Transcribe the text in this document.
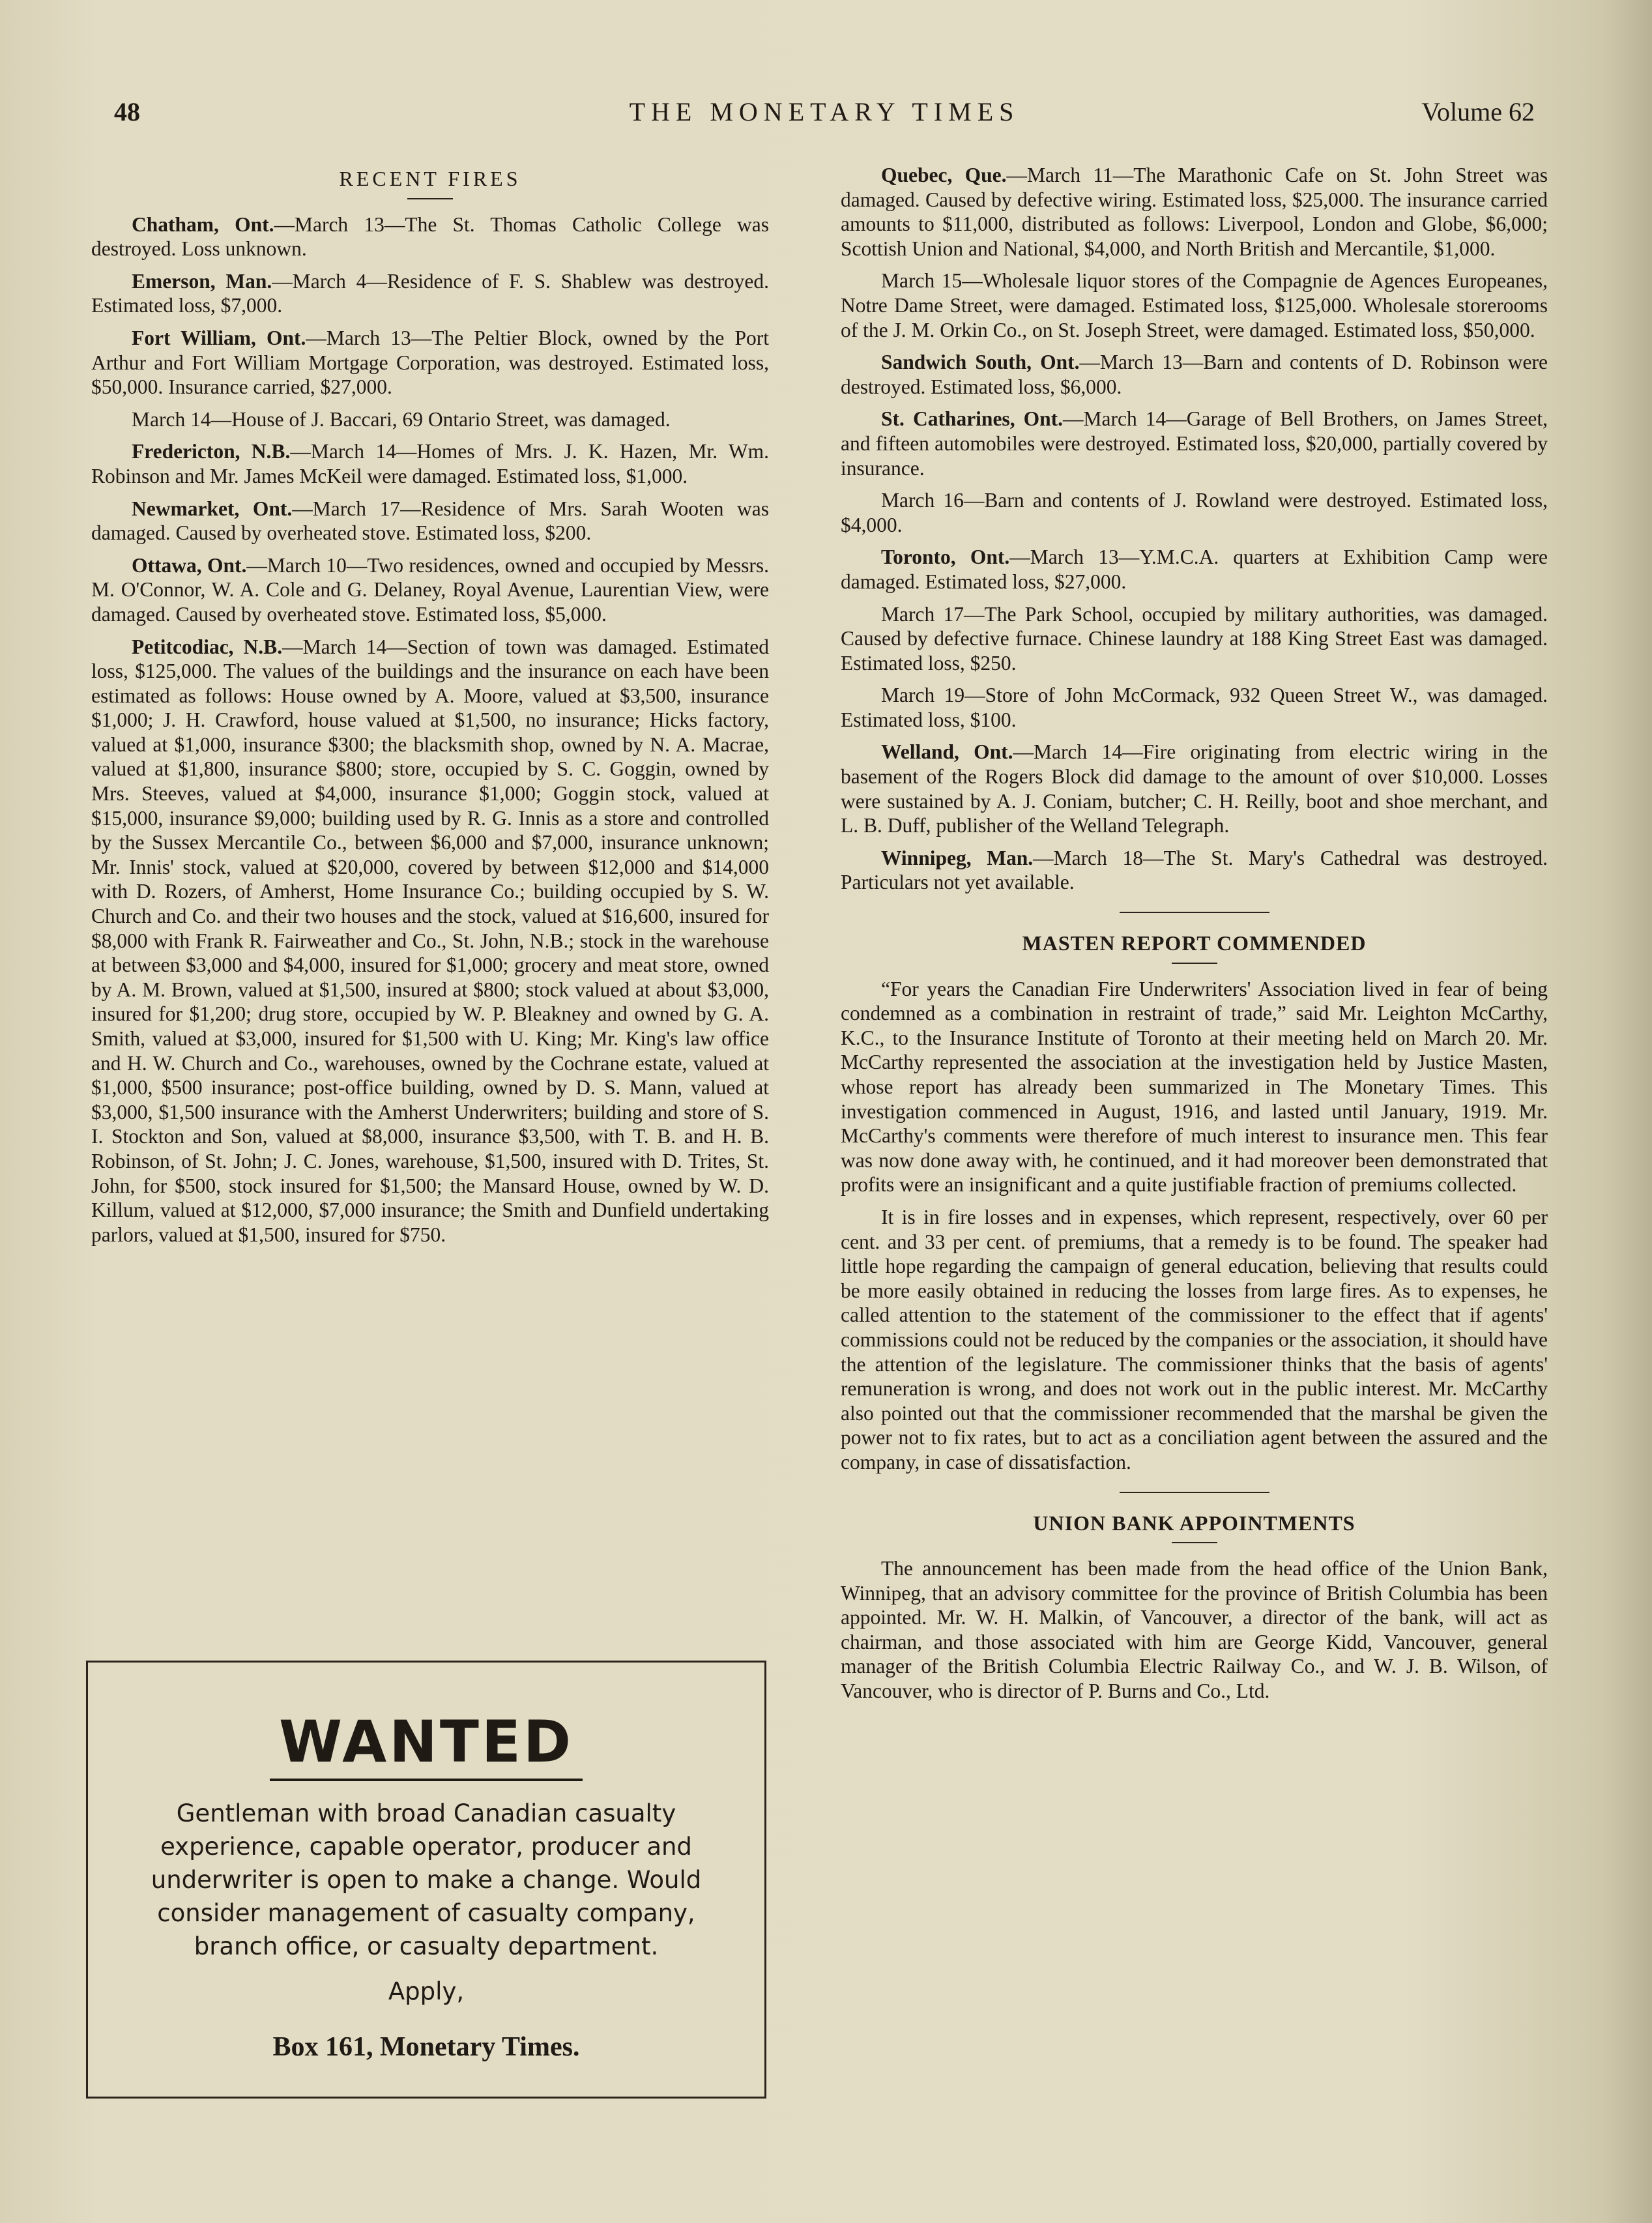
48	THE MONETARY TIMES	Volume 62
RECENT FIRES

Chatham, Ont.—March 13—The St. Thomas Catholic College was destroyed. Loss unknown.

Emerson, Man.—March 4—Residence of F. S. Shablew was destroyed. Estimated loss, $7,000.

Fort William, Ont.—March 13—The Peltier Block, owned by the Port Arthur and Fort William Mortgage Corporation, was destroyed. Estimated loss, $50,000. Insurance carried, $27,000.

March 14—House of J. Baccari, 69 Ontario Street, was damaged.

Fredericton, N.B.—March 14—Homes of Mrs. J. K. Hazen, Mr. Wm. Robinson and Mr. James McKeil were damaged. Estimated loss, $1,000.

Newmarket, Ont.—March 17—Residence of Mrs. Sarah Wooten was damaged. Caused by overheated stove. Estimated loss, $200.

Ottawa, Ont.—March 10—Two residences, owned and occupied by Messrs. M. O'Connor, W. A. Cole and G. Delaney, Royal Avenue, Laurentian View, were damaged. Caused by overheated stove. Estimated loss, $5,000.

Petitcodiac, N.B.—March 14—Section of town was damaged. Estimated loss, $125,000. The values of the buildings and the insurance on each have been estimated as follows: House owned by A. Moore, valued at $3,500, insurance $1,000; J. H. Crawford, house valued at $1,500, no insurance; Hicks factory, valued at $1,000, insurance $300; the blacksmith shop, owned by N. A. Macrae, valued at $1,800, insurance $800; store, occupied by S. C. Goggin, owned by Mrs. Steeves, valued at $4,000, insurance $1,000; Goggin stock, valued at $15,000, insurance $9,000; building used by R. G. Innis as a store and controlled by the Sussex Mercantile Co., between $6,000 and $7,000, insurance unknown; Mr. Innis' stock, valued at $20,000, covered by between $12,000 and $14,000 with D. Rozers, of Amherst, Home Insurance Co.; building occupied by S. W. Church and Co. and their two houses and the stock, valued at $16,600, insured for $8,000 with Frank R. Fairweather and Co., St. John, N.B.; stock in the warehouse at between $3,000 and $4,000, insured for $1,000; grocery and meat store, owned by A. M. Brown, valued at $1,500, insured at $800; stock valued at about $3,000, insured for $1,200; drug store, occupied by W. P. Bleakney and owned by G. A. Smith, valued at $3,000, insured for $1,500 with U. King; Mr. King's law office and H. W. Church and Co., warehouses, owned by the Cochrane estate, valued at $1,000, $500 insurance; post-office building, owned by D. S. Mann, valued at $3,000, $1,500 insurance with the Amherst Underwriters; building and store of S. I. Stockton and Son, valued at $8,000, insurance $3,500, with T. B. and H. B. Robinson, of St. John; J. C. Jones, warehouse, $1,500, insured with D. Trites, St. John, for $500, stock insured for $1,500; the Mansard House, owned by W. D. Killum, valued at $12,000, $7,000 insurance; the Smith and Dunfield undertaking parlors, valued at $1,500, insured for $750.

WANTED
Gentleman with broad Canadian casualty experience, capable operator, producer and underwriter is open to make a change. Would consider management of casualty company, branch office, or casualty department.
Apply,
Box 161, Monetary Times.

Quebec, Que.—March 11—The Marathonic Cafe on St. John Street was damaged. Caused by defective wiring. Estimated loss, $25,000. The insurance carried amounts to $11,000, distributed as follows: Liverpool, London and Globe, $6,000; Scottish Union and National, $4,000, and North British and Mercantile, $1,000.

March 15—Wholesale liquor stores of the Compagnie de Agences Europeanes, Notre Dame Street, were damaged. Estimated loss, $125,000. Wholesale storerooms of the J. M. Orkin Co., on St. Joseph Street, were damaged. Estimated loss, $50,000.

Sandwich South, Ont.—March 13—Barn and contents of D. Robinson were destroyed. Estimated loss, $6,000.

St. Catharines, Ont.—March 14—Garage of Bell Brothers, on James Street, and fifteen automobiles were destroyed. Estimated loss, $20,000, partially covered by insurance.

March 16—Barn and contents of J. Rowland were destroyed. Estimated loss, $4,000.

Toronto, Ont.—March 13—Y.M.C.A. quarters at Exhibition Camp were damaged. Estimated loss, $27,000.

March 17—The Park School, occupied by military authorities, was damaged. Caused by defective furnace. Chinese laundry at 188 King Street East was damaged. Estimated loss, $250.

March 19—Store of John McCormack, 932 Queen Street W., was damaged. Estimated loss, $100.

Welland, Ont.—March 14—Fire originating from electric wiring in the basement of the Rogers Block did damage to the amount of over $10,000. Losses were sustained by A. J. Coniam, butcher; C. H. Reilly, boot and shoe merchant, and L. B. Duff, publisher of the Welland Telegraph.

Winnipeg, Man.—March 18—The St. Mary's Cathedral was destroyed. Particulars not yet available.

MASTEN REPORT COMMENDED

“For years the Canadian Fire Underwriters' Association lived in fear of being condemned as a combination in restraint of trade,” said Mr. Leighton McCarthy, K.C., to the Insurance Institute of Toronto at their meeting held on March 20. Mr. McCarthy represented the association at the investigation held by Justice Masten, whose report has already been summarized in The Monetary Times. This investigation commenced in August, 1916, and lasted until January, 1919. Mr. McCarthy's comments were therefore of much interest to insurance men. This fear was now done away with, he continued, and it had moreover been demonstrated that profits were an insignificant and a quite justifiable fraction of premiums collected.

It is in fire losses and in expenses, which represent, respectively, over 60 per cent. and 33 per cent. of premiums, that a remedy is to be found. The speaker had little hope regarding the campaign of general education, believing that results could be more easily obtained in reducing the losses from large fires. As to expenses, he called attention to the statement of the commissioner to the effect that if agents' commissions could not be reduced by the companies or the association, it should have the attention of the legislature. The commissioner thinks that the basis of agents' remuneration is wrong, and does not work out in the public interest. Mr. McCarthy also pointed out that the commissioner recommended that the marshal be given the power not to fix rates, but to act as a conciliation agent between the assured and the company, in case of dissatisfaction.

UNION BANK APPOINTMENTS

The announcement has been made from the head office of the Union Bank, Winnipeg, that an advisory committee for the province of British Columbia has been appointed. Mr. W. H. Malkin, of Vancouver, a director of the bank, will act as chairman, and those associated with him are George Kidd, Vancouver, general manager of the British Columbia Electric Railway Co., and W. J. B. Wilson, of Vancouver, who is director of P. Burns and Co., Ltd.
